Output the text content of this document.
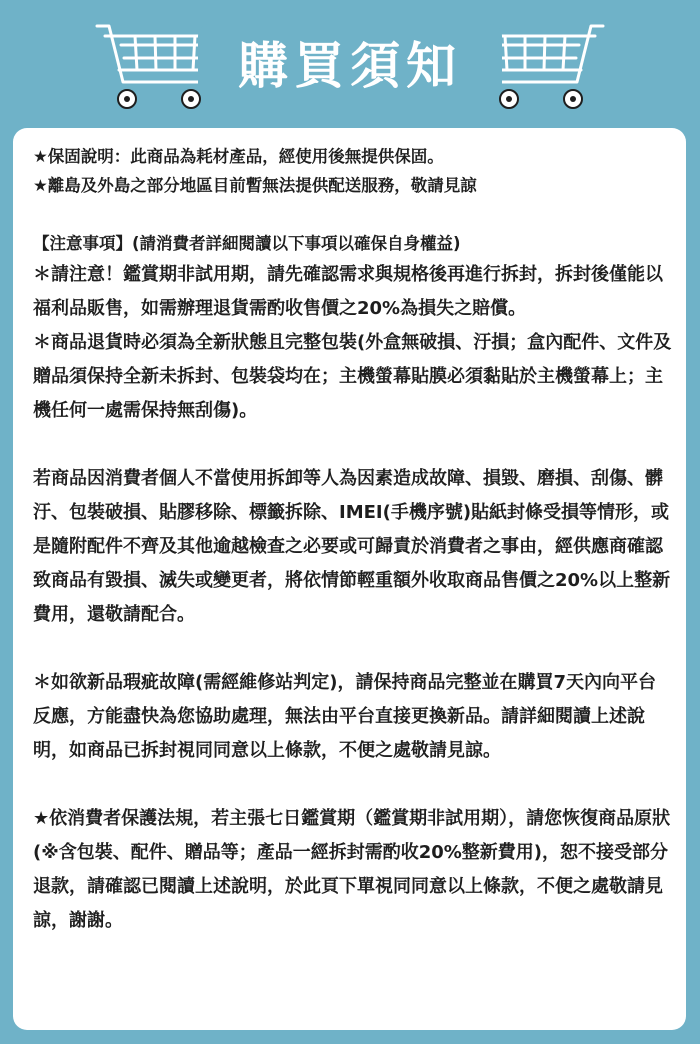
購買須知

★保固說明：此商品為耗材產品，經使用後無提供保固。

★離島及外島之部分地區目前暫無法提供配送服務，敬請見諒

【注意事項】(請消費者詳細閱讀以下事項以確保自身權益)

＊請注意！鑑賞期非試用期，請先確認需求與規格後再進行拆封，拆封後僅能以福利品販售，如需辦理退貨需酌收售價之20%為損失之賠償。

＊商品退貨時必須為全新狀態且完整包裝(外盒無破損、汙損；盒內配件、文件及贈品須保持全新未拆封、包裝袋均在；主機螢幕貼膜必須黏貼於主機螢幕上；主機任何一處需保持無刮傷)。

若商品因消費者個人不當使用拆卸等人為因素造成故障、損毀、磨損、刮傷、髒汙、包裝破損、貼膠移除、標籤拆除、IMEI(手機序號)貼紙封條受損等情形，或是隨附配件不齊及其他逾越檢查之必要或可歸責於消費者之事由，經供應商確認致商品有毀損、滅失或變更者，將依情節輕重額外收取商品售價之20%以上整新費用，還敬請配合。

＊如欲新品瑕疵故障(需經維修站判定)，請保持商品完整並在購買7天內向平台反應，方能盡快為您協助處理，無法由平台直接更換新品。請詳細閱讀上述說明，如商品已拆封視同同意以上條款，不便之處敬請見諒。

★依消費者保護法規，若主張七日鑑賞期（鑑賞期非試用期），請您恢復商品原狀 (※含包裝、配件、贈品等；產品一經拆封需酌收20%整新費用)，恕不接受部分退款，請確認已閱讀上述說明，於此頁下單視同同意以上條款，不便之處敬請見諒，謝謝。
